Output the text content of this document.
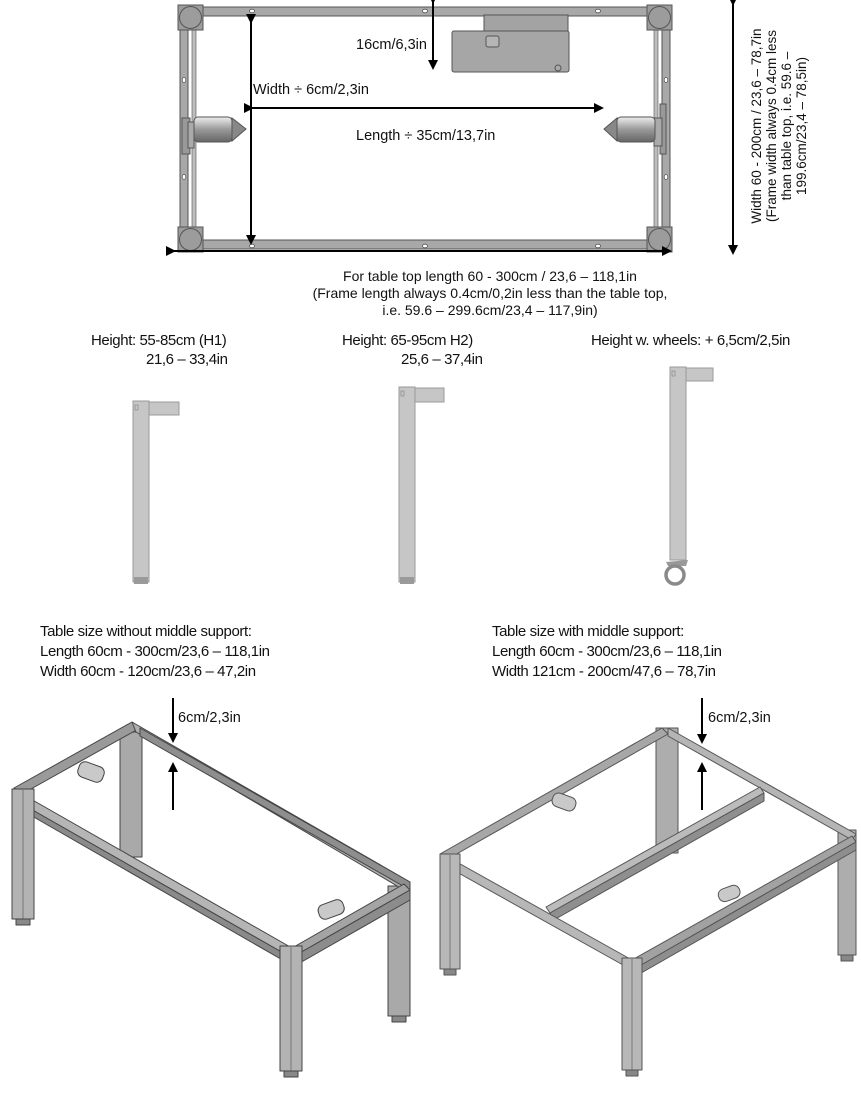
16cm/6,3in
Width ÷ 6cm/2,3in
Length ÷ 35cm/13,7in	Width 60 - 200cm / 23,6 – 78,7in (Frame width always 0.4cm less than table top, i.e. 59.6 – 199.6cm/23,4 – 78,5in)
For table top length 60 - 300cm / 23,6 – 118,1in
(Frame length always 0.4cm/0,2in less than the table top,
i.e. 59.6 – 299.6cm/23,4 – 117,9in)
Height: 55-85cm (H1)
21,6 – 33,4in
Height: 65-95cm H2)
25,6 – 37,4in
Height w. wheels: + 6,5cm/2,5in
Table size without middle support:
Length 60cm - 300cm/23,6 – 118,1in
Width 60cm - 120cm/23,6 – 47,2in
Table size with middle support:
Length 60cm - 300cm/23,6 – 118,1in
Width 121cm - 200cm/47,6 – 78,7in
6cm/2,3in	6cm/2,3in
